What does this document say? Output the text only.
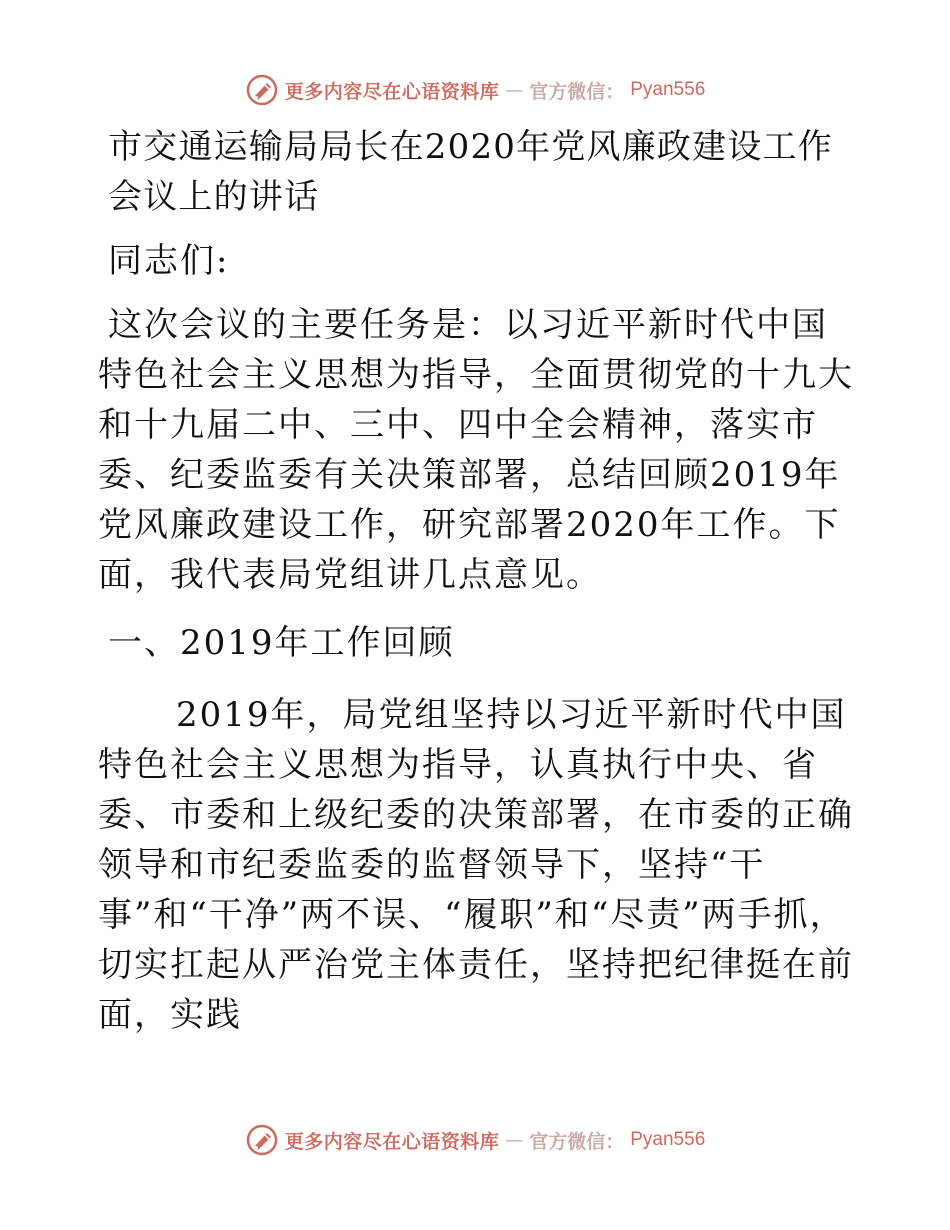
更多内容尽在心语资料库 — 官方微信： Pyan556
市交通运输局局长在2020年党风廉政建设工作会议上的讲话

同志们:

这次会议的主要任务是：以习近平新时代中国特色社会主义思想为指导，全面贯彻党的十九大和十九届二中、三中、四中全会精神，落实市委、纪委监委有关决策部署，总结回顾2019年党风廉政建设工作，研究部署2020年工作。下面，我代表局党组讲几点意见。

一、2019年工作回顾

2019年，局党组坚持以习近平新时代中国特色社会主义思想为指导，认真执行中央、省委、市委和上级纪委的决策部署，在市委的正确领导和市纪委监委的监督领导下，坚持“干事”和“干净”两不误、“履职”和“尽责”两手抓，切实扛起从严治党主体责任，坚持把纪律挺在前面，实践

更多内容尽在心语资料库 — 官方微信： Pyan556
